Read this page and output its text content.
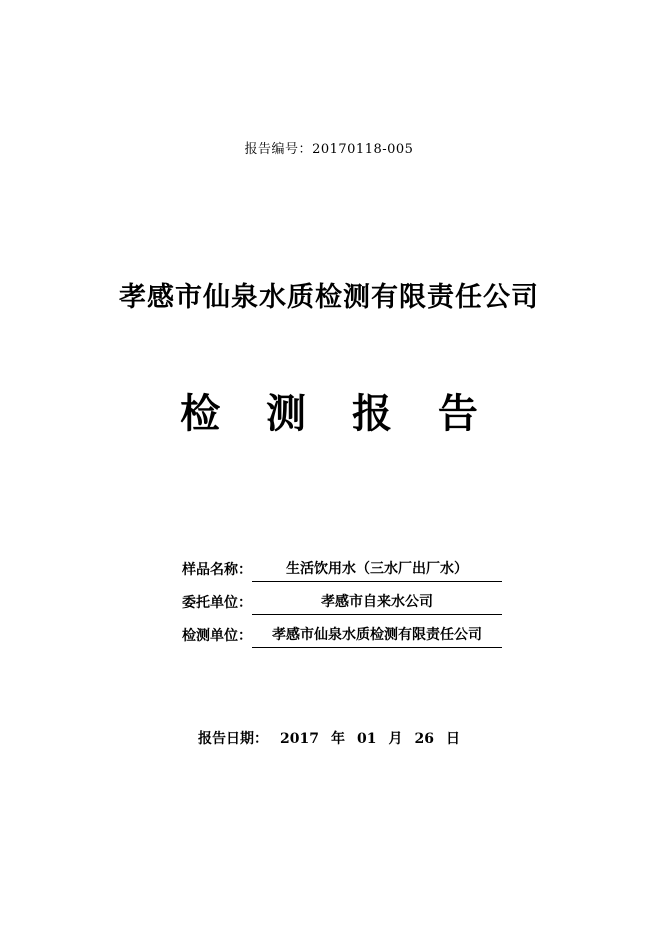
报告编号：20170118-005
孝感市仙泉水质检测有限责任公司
检 测 报 告
样品名称：	生活饮用水（三水厂出厂水）
委托单位：	孝感市自来水公司
检测单位：	孝感市仙泉水质检测有限责任公司
报告日期： 2017 年 01 月 26 日
